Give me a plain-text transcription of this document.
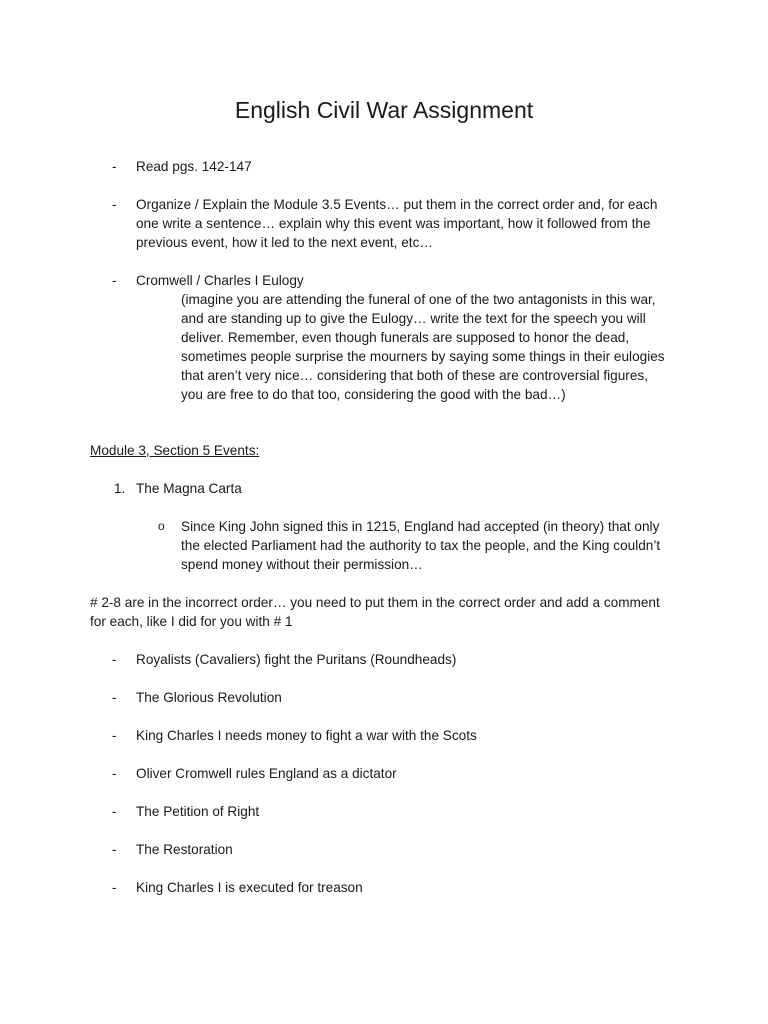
English Civil War Assignment
- Read pgs. 142-147
- Organize / Explain the Module 3.5 Events… put them in the correct order and, for each
one write a sentence… explain why this event was important, how it followed from the
previous event, how it led to the next event, etc…
- Cromwell / Charles I Eulogy
(imagine you are attending the funeral of one of the two antagonists in this war,
and are standing up to give the Eulogy… write the text for the speech you will
deliver. Remember, even though funerals are supposed to honor the dead,
sometimes people surprise the mourners by saying some things in their eulogies
that aren’t very nice… considering that both of these are controversial figures,
you are free to do that too, considering the good with the bad…)
Module 3, Section 5 Events:
1. The Magna Carta
o Since King John signed this in 1215, England had accepted (in theory) that only
the elected Parliament had the authority to tax the people, and the King couldn’t
spend money without their permission…
# 2-8 are in the incorrect order… you need to put them in the correct order and add a comment
for each, like I did for you with # 1
- Royalists (Cavaliers) fight the Puritans (Roundheads)
- The Glorious Revolution
- King Charles I needs money to fight a war with the Scots
- Oliver Cromwell rules England as a dictator
- The Petition of Right
- The Restoration
- King Charles I is executed for treason
